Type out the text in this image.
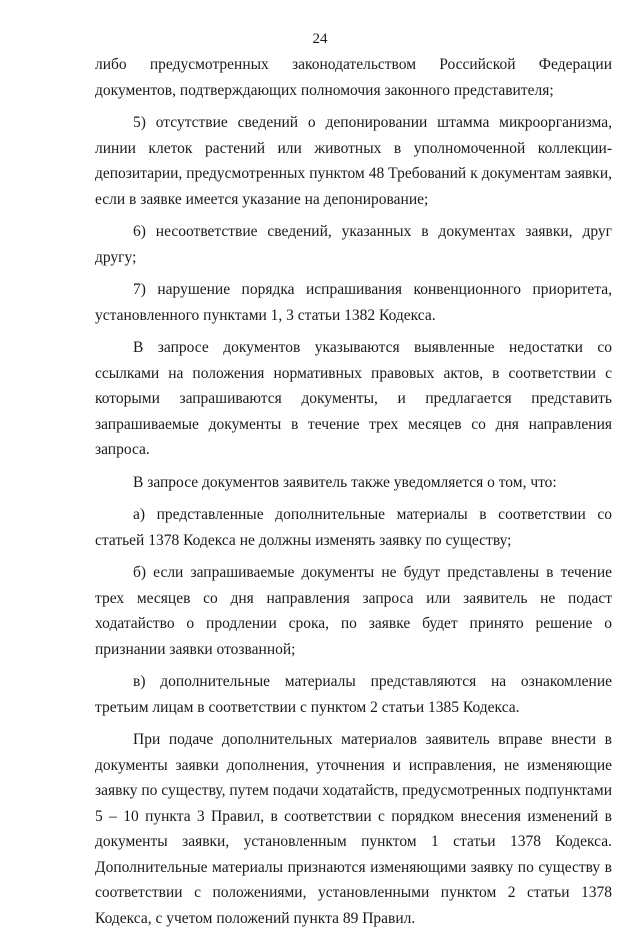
24

либо предусмотренных законодательством Российской Федерации документов, подтверждающих полномочия законного представителя;

5) отсутствие сведений о депонировании штамма микроорганизма, линии клеток растений или животных в уполномоченной коллекции-депозитарии, предусмотренных пунктом 48 Требований к документам заявки, если в заявке имеется указание на депонирование;

6) несоответствие сведений, указанных в документах заявки, друг другу;

7) нарушение порядка испрашивания конвенционного приоритета, установленного пунктами 1, 3 статьи 1382 Кодекса.

В запросе документов указываются выявленные недостатки со ссылками на положения нормативных правовых актов, в соответствии с которыми запрашиваются документы, и предлагается представить запрашиваемые документы в течение трех месяцев со дня направления запроса.

В запросе документов заявитель также уведомляется о том, что:

а) представленные дополнительные материалы в соответствии со статьей 1378 Кодекса не должны изменять заявку по существу;

б) если запрашиваемые документы не будут представлены в течение трех месяцев со дня направления запроса или заявитель не подаст ходатайство о продлении срока, по заявке будет принято решение о признании заявки отозванной;

в) дополнительные материалы представляются на ознакомление третьим лицам в соответствии с пунктом 2 статьи 1385 Кодекса.

При подаче дополнительных материалов заявитель вправе внести в документы заявки дополнения, уточнения и исправления, не изменяющие заявку по существу, путем подачи ходатайств, предусмотренных подпунктами 5 – 10 пункта 3 Правил, в соответствии с порядком внесения изменений в документы заявки, установленным пунктом 1 статьи 1378 Кодекса. Дополнительные материалы признаются изменяющими заявку по существу в соответствии с положениями, установленными пунктом 2 статьи 1378 Кодекса, с учетом положений пункта 89 Правил.
